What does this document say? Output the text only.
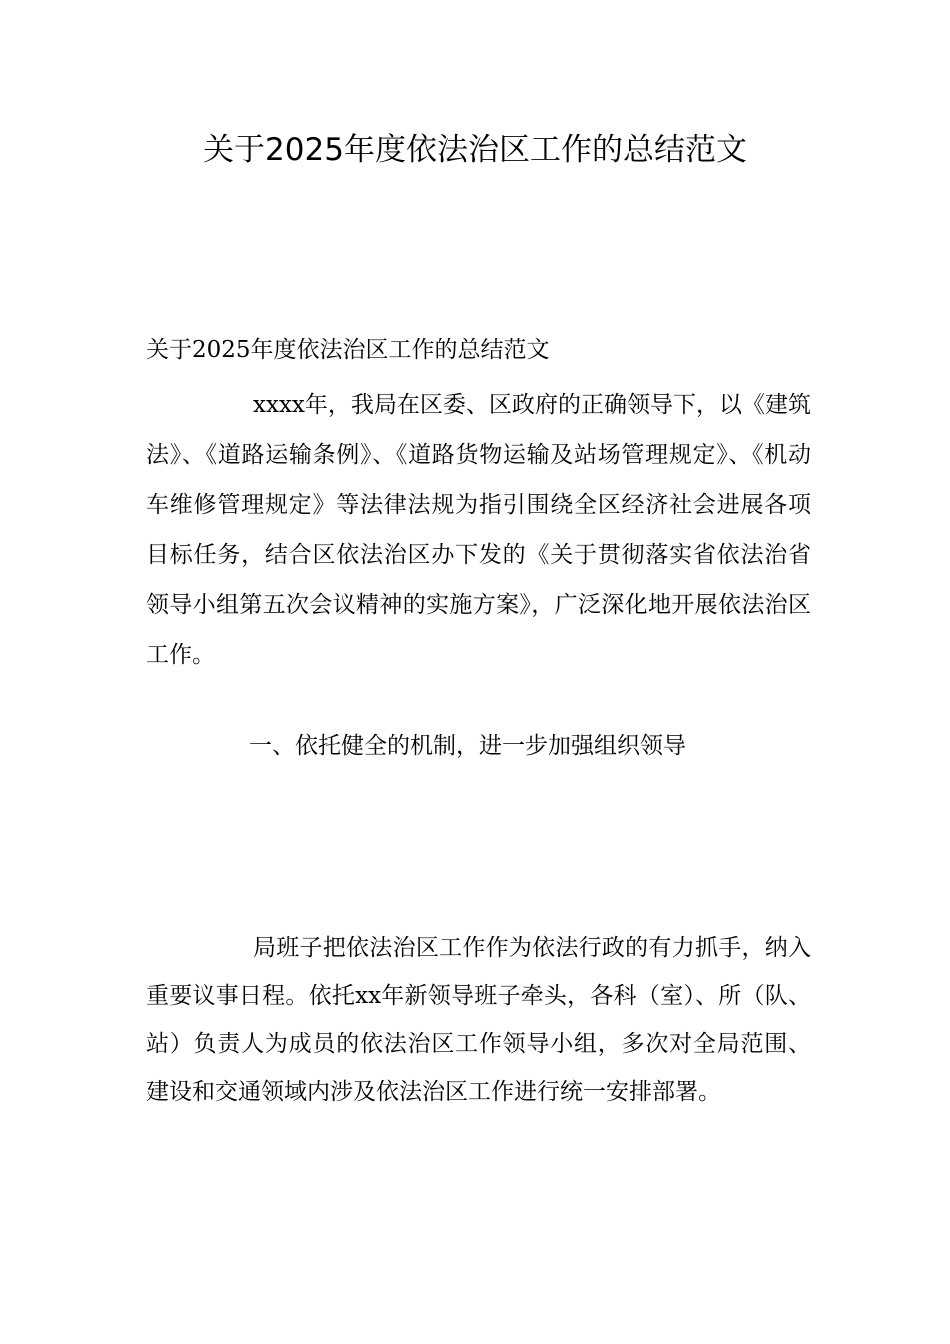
关于2025年度依法治区工作的总结范文

关于2025年度依法治区工作的总结范文

xxxx年，我局在区委、区政府的正确领导下，以《建筑法》、《道路运输条例》、《道路货物运输及站场管理规定》、《机动车维修管理规定》等法律法规为指引围绕全区经济社会进展各项目标任务，结合区依法治区办下发的《关于贯彻落实省依法治省领导小组第五次会议精神的实施方案》，广泛深化地开展依法治区工作。

一、依托健全的机制，进一步加强组织领导

局班子把依法治区工作作为依法行政的有力抓手，纳入重要议事日程。依托xx年新领导班子牵头，各科（室）、所（队、站）负责人为成员的依法治区工作领导小组，多次对全局范围、建设和交通领域内涉及依法治区工作进行统一安排部署。
